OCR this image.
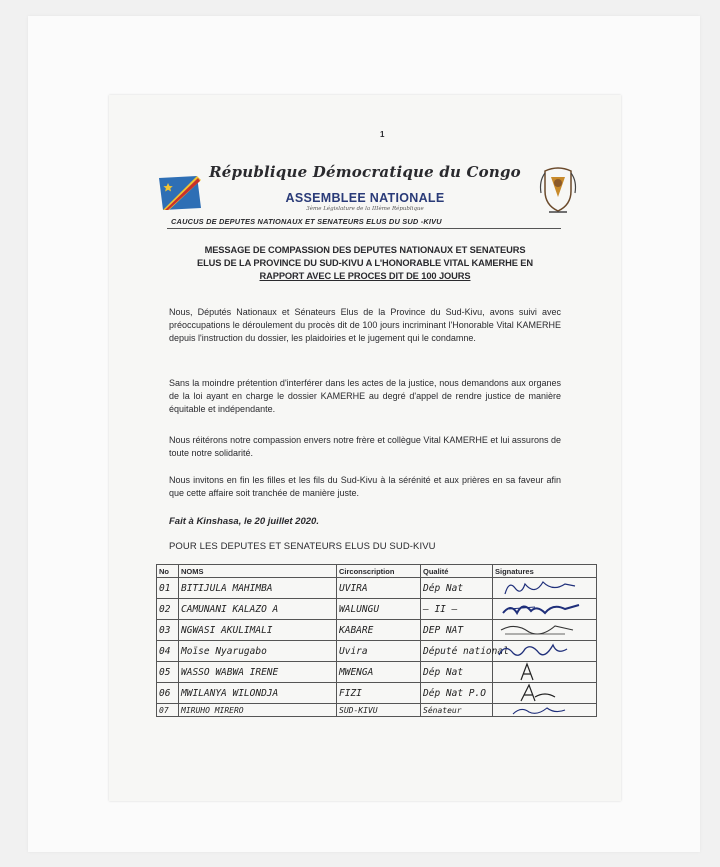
1
République Démocratique du Congo
ASSEMBLEE NATIONALE
3ème Législature de la IIIème République
CAUCUS DE DEPUTES NATIONAUX ET SENATEURS ELUS DU SUD -KIVU
MESSAGE DE COMPASSION DES DEPUTES NATIONAUX ET SENATEURS
ELUS DE LA PROVINCE DU SUD-KIVU A L'HONORABLE VITAL KAMERHE EN
RAPPORT AVEC LE PROCES DIT DE 100 JOURS
Nous, Députés Nationaux et Sénateurs Elus de la Province du Sud-Kivu, avons suivi avec préoccupations le déroulement du procès dit de 100 jours incriminant l'Honorable Vital KAMERHE depuis l'instruction du dossier, les plaidoiries et le jugement qui le condamne.
Sans la moindre prétention d'interférer dans les actes de la justice, nous demandons aux organes de la loi ayant en charge le dossier KAMERHE au degré d'appel de rendre justice de manière équitable et indépendante.
Nous réitérons notre compassion envers notre frère et collègue Vital KAMERHE et lui assurons de toute notre solidarité.
Nous invitons en fin les filles et les fils du Sud-Kivu à la sérénité et aux prières en sa faveur afin que cette affaire soit tranchée de manière juste.
Fait à Kinshasa, le 20 juillet 2020.
POUR LES DEPUTES ET SENATEURS ELUS DU SUD-KIVU
No	NOMS	Circonscription	Qualité	Signatures
01	BITIJULA MAHIMBA	UVIRA	Dép Nat	

02	CAMUNANI KALAZO A	WALUNGU	— II —	

03	NGWASI AKULIMALI	KABARE	DEP NAT	

04	Moïse Nyarugabo	Uvira	Député national	

05	WASSO WABWA IRENE	MWENGA	Dép Nat	

06	MWILANYA WILONDJA	FIZI	Dép Nat P.O	

07	MIRUHO MIRERO	SUD-KIVU	Sénateur	
